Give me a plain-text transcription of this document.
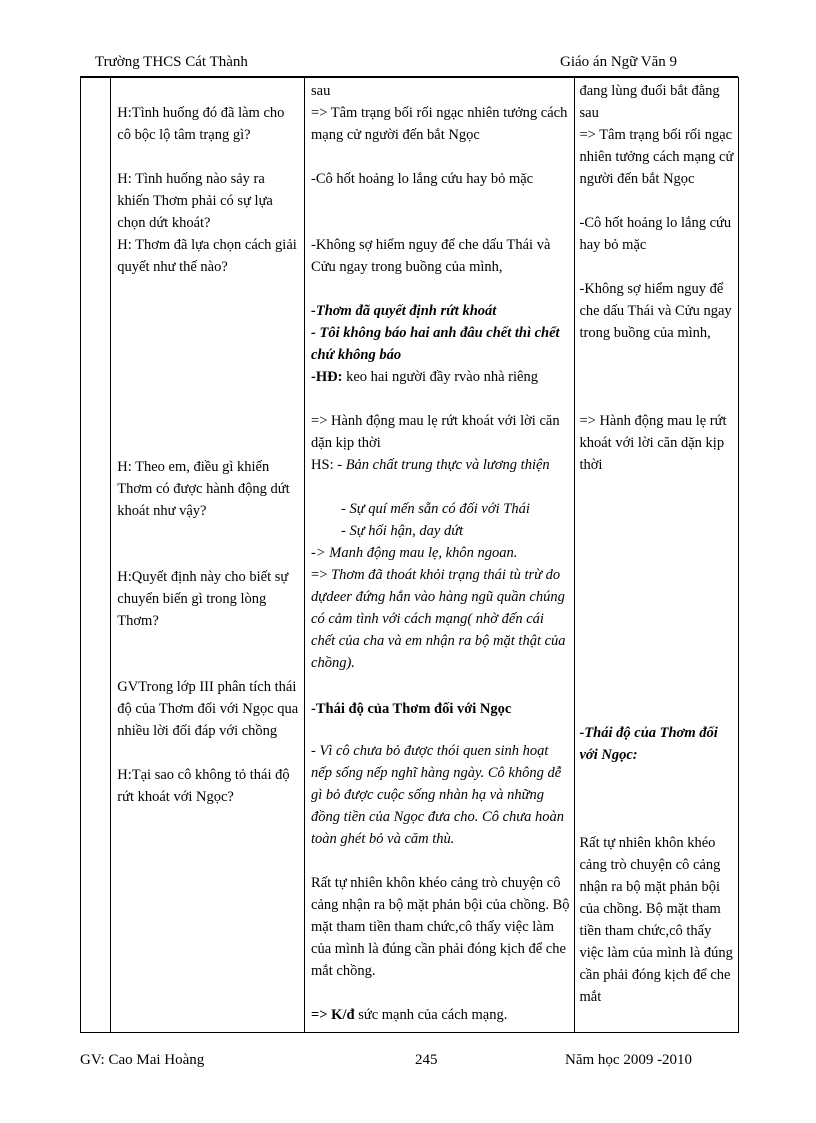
Trường THCS Cát Thành	Giáo án Ngữ Văn 9

H:Tình huống đó đã làm cho cô bộc lộ tâm trạng gì?
H: Tình huống nào sảy ra khiến Thơm phải có sự lựa chọn dứt khoát?
H: Thơm đã lựa chọn cách giải quyết như thế nào?
H: Theo em, điều gì khiến Thơm có được hành động dứt khoát như vậy?
H:Quyết định này cho biết sự chuyển biến gì trong lòng Thơm?
GVTrong lớp III phân tích thái độ của Thơm đối với Ngọc qua nhiều lời đối đáp với chồng
H:Tại sao cô không tỏ thái độ rứt khoát với Ngọc?

sau
=> Tâm trạng bối rối ngạc nhiên tưởng cách mạng cử người đến bắt Ngọc
-Cô hốt hoảng lo lắng cứu hay bỏ mặc
-Không sợ hiểm nguy để che dấu Thái và Cửu ngay trong buồng của mình,
-Thơm đã quyết định rứt khoát
- Tôi không báo hai anh đâu chết thì chết chứ không báo
-HĐ: keo hai người đầy rvào nhà riêng
=> Hành động mau lẹ rứt khoát với lời căn dặn kịp thời
HS: - Bản chất trung thực và lương thiện
- Sự quí mến sẵn có đối với Thái
- Sự hối hận, day dứt
-> Manh động mau lẹ, khôn ngoan.
=> Thơm đã thoát khỏi trạng thái tù trừ do dựdeer đứng hẳn vào hàng ngũ quần chúng có cảm tình với cách mạng( nhờ đến cái chết của cha và em nhận ra bộ mặt thật của chồng).
-Thái độ của Thơm đối với Ngọc
- Vì cô chưa bỏ được thói quen sinh hoạt nếp sống nếp nghĩ hàng ngày. Cô không dễ gì bỏ được cuộc sống nhàn hạ và những đồng tiền của Ngọc đưa cho. Cô chưa hoàn toàn ghét bỏ và căm thù.
Rất tự nhiên khôn khéo cảng trò chuyện cô cảng nhận ra bộ mặt phản bội của chồng. Bộ mặt tham tiền tham chức,cô thấy việc làm của mình là đúng cần phải đóng kịch để che mắt chồng.
=> K/đ sức mạnh của cách mạng.

đang lùng đuổi bắt đằng sau
=> Tâm trạng bối rối ngạc nhiên tưởng cách mạng cử người đến bắt Ngọc
-Cô hốt hoảng lo lắng cứu hay bỏ mặc
-Không sợ hiểm nguy để che dấu Thái và Cửu ngay trong buồng của mình,
=> Hành động mau lẹ rứt khoát với lời căn dặn kịp thời
-Thái độ của Thơm đối với Ngọc:
Rất tự nhiên khôn khéo cảng trò chuyện cô cảng nhận ra bộ mặt phản bội của chồng. Bộ mặt tham tiền tham chức,cô thấy việc làm của mình là đúng cần phải đóng kịch để che mắt
GV: Cao Mai Hoàng	245	Năm học 2009 -2010
